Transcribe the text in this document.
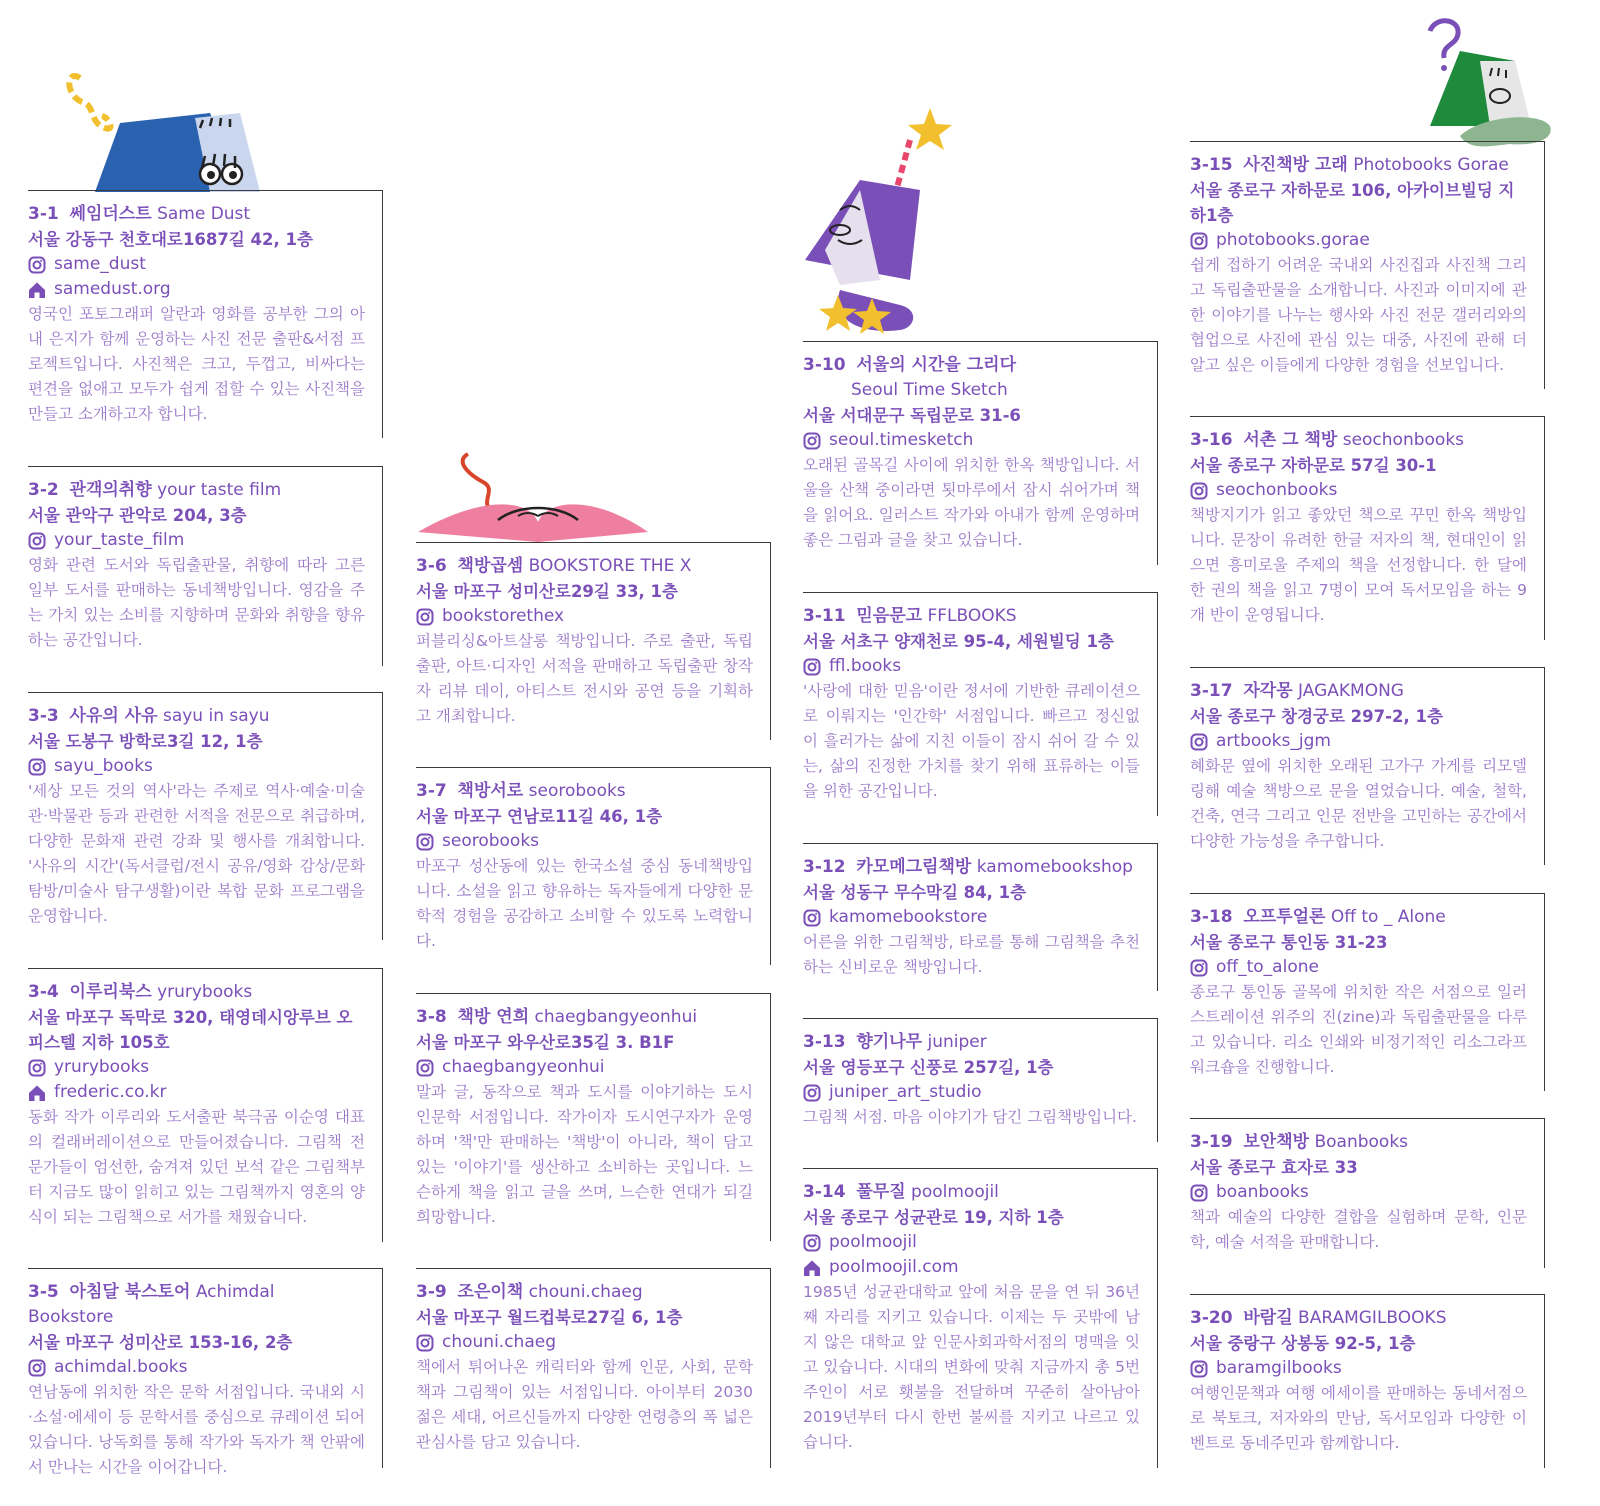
3-1 쎄임더스트 Same Dust
서울 강동구 천호대로1687길 42, 1층
same_dust
samedust.org
영국인 포토그래퍼 알란과 영화를 공부한 그의 아내 은지가 함께 운영하는 사진 전문 출판&서점 프로젝트입니다. 사진책은 크고, 두껍고, 비싸다는 편견을 없애고 모두가 쉽게 접할 수 있는 사진책을 만들고 소개하고자 합니다.
3-2 관객의취향 your taste film
서울 관악구 관악로 204, 3층
your_taste_film
영화 관련 도서와 독립출판물, 취향에 따라 고른 일부 도서를 판매하는 동네책방입니다. 영감을 주는 가치 있는 소비를 지향하며 문화와 취향을 향유하는 공간입니다.
3-3 사유의 사유 sayu in sayu
서울 도봉구 방학로3길 12, 1층
sayu_books
'세상 모든 것의 역사'라는 주제로 역사·예술·미술관·박물관 등과 관련한 서적을 전문으로 취급하며, 다양한 문화재 관련 강좌 및 행사를 개최합니다. '사유의 시간'(독서클럽/전시 공유/영화 감상/문화 탐방/미술사 탐구생활)이란 복합 문화 프로그램을 운영합니다.
3-4 이루리북스 yrurybooks
서울 마포구 독막로 320, 태영데시앙루브 오피스텔 지하 105호
yrurybooks
frederic.co.kr
동화 작가 이루리와 도서출판 북극곰 이순영 대표의 컬래버레이션으로 만들어졌습니다. 그림책 전문가들이 엄선한, 숨겨져 있던 보석 같은 그림책부터 지금도 많이 읽히고 있는 그림책까지 영혼의 양식이 되는 그림책으로 서가를 채웠습니다.
3-5 아침달 북스토어 Achimdal Bookstore
서울 마포구 성미산로 153-16, 2층
achimdal.books
연남동에 위치한 작은 문학 서점입니다. 국내외 시·소설·에세이 등 문학서를 중심으로 큐레이션 되어 있습니다. 낭독회를 통해 작가와 독자가 책 안팎에서 만나는 시간을 이어갑니다.
3-6 책방곱셈 BOOKSTORE THE X
서울 마포구 성미산로29길 33, 1층
bookstorethex
퍼블리싱&아트살롱 책방입니다. 주로 출판, 독립출판, 아트·디자인 서적을 판매하고 독립출판 창작자 리뷰 데이, 아티스트 전시와 공연 등을 기획하고 개최합니다.
3-7 책방서로 seorobooks
서울 마포구 연남로11길 46, 1층
seorobooks
마포구 성산동에 있는 한국소설 중심 동네책방입니다. 소설을 읽고 향유하는 독자들에게 다양한 문학적 경험을 공감하고 소비할 수 있도록 노력합니다.
3-8 책방 연희 chaegbangyeonhui
서울 마포구 와우산로35길 3. B1F
chaegbangyeonhui
말과 글, 동작으로 책과 도시를 이야기하는 도시 인문학 서점입니다. 작가이자 도시연구자가 운영하며 '책'만 판매하는 '책방'이 아니라, 책이 담고 있는 '이야기'를 생산하고 소비하는 곳입니다. 느슨하게 책을 읽고 글을 쓰며, 느슨한 연대가 되길 희망합니다.
3-9 조은이책 chouni.chaeg
서울 마포구 월드컵북로27길 6, 1층
chouni.chaeg
책에서 튀어나온 캐릭터와 함께 인문, 사회, 문학책과 그림책이 있는 서점입니다. 아이부터 2030 젊은 세대, 어르신들까지 다양한 연령층의 폭 넓은 관심사를 담고 있습니다.
3-10 서울의 시간을 그리다
Seoul Time Sketch
서울 서대문구 독립문로 31-6
seoul.timesketch
오래된 골목길 사이에 위치한 한옥 책방입니다. 서울을 산책 중이라면 툇마루에서 잠시 쉬어가며 책을 읽어요. 일러스트 작가와 아내가 함께 운영하며 좋은 그림과 글을 찾고 있습니다.
3-11 믿음문고 FFLBOOKS
서울 서초구 양재천로 95-4, 세원빌딩 1층
ffl.books
'사랑에 대한 믿음'이란 정서에 기반한 큐레이션으로 이뤄지는 '인간학' 서점입니다. 빠르고 정신없이 흘러가는 삶에 지친 이들이 잠시 쉬어 갈 수 있는, 삶의 진정한 가치를 찾기 위해 표류하는 이들을 위한 공간입니다.
3-12 카모메그림책방 kamomebookshop
서울 성동구 무수막길 84, 1층
kamomebookstore
어른을 위한 그림책방, 타로를 통해 그림책을 추천하는 신비로운 책방입니다.
3-13 향기나무 juniper
서울 영등포구 신풍로 257길, 1층
juniper_art_studio
그림책 서점. 마음 이야기가 담긴 그림책방입니다.
3-14 풀무질 poolmoojil
서울 종로구 성균관로 19, 지하 1층
poolmoojil
poolmoojil.com
1985년 성균관대학교 앞에 처음 문을 연 뒤 36년째 자리를 지키고 있습니다. 이제는 두 곳밖에 남지 않은 대학교 앞 인문사회과학서점의 명맥을 잇고 있습니다. 시대의 변화에 맞춰 지금까지 총 5번 주인이 서로 횃불을 전달하며 꾸준히 살아남아 2019년부터 다시 한번 불씨를 지키고 나르고 있습니다.
3-15 사진책방 고래 Photobooks Gorae
서울 종로구 자하문로 106, 아카이브빌딩 지하1층
photobooks.gorae
쉽게 접하기 어려운 국내외 사진집과 사진책 그리고 독립출판물을 소개합니다. 사진과 이미지에 관한 이야기를 나누는 행사와 사진 전문 갤러리와의 협업으로 사진에 관심 있는 대중, 사진에 관해 더 알고 싶은 이들에게 다양한 경험을 선보입니다.
3-16 서촌 그 책방 seochonbooks
서울 종로구 자하문로 57길 30-1
seochonbooks
책방지기가 읽고 좋았던 책으로 꾸민 한옥 책방입니다. 문장이 유려한 한글 저자의 책, 현대인이 읽으면 흥미로울 주제의 책을 선정합니다. 한 달에 한 권의 책을 읽고 7명이 모여 독서모임을 하는 9개 반이 운영됩니다.
3-17 자각몽 JAGAKMONG
서울 종로구 창경궁로 297-2, 1층
artbooks_jgm
혜화문 옆에 위치한 오래된 고가구 가게를 리모델링해 예술 책방으로 문을 열었습니다. 예술, 철학, 건축, 연극 그리고 인문 전반을 고민하는 공간에서 다양한 가능성을 추구합니다.
3-18 오프투얼론 Off to _ Alone
서울 종로구 통인동 31-23
off_to_alone
종로구 통인동 골목에 위치한 작은 서점으로 일러스트레이션 위주의 진(zine)과 독립출판물을 다루고 있습니다. 리소 인쇄와 비정기적인 리소그라프 워크숍을 진행합니다.
3-19 보안책방 Boanbooks
서울 종로구 효자로 33
boanbooks
책과 예술의 다양한 결합을 실험하며 문학, 인문학, 예술 서적을 판매합니다.
3-20 바람길 BARAMGILBOOKS
서울 중랑구 상봉동 92-5, 1층
baramgilbooks
여행인문책과 여행 에세이를 판매하는 동네서점으로 북토크, 저자와의 만남, 독서모임과 다양한 이벤트로 동네주민과 함께합니다.
